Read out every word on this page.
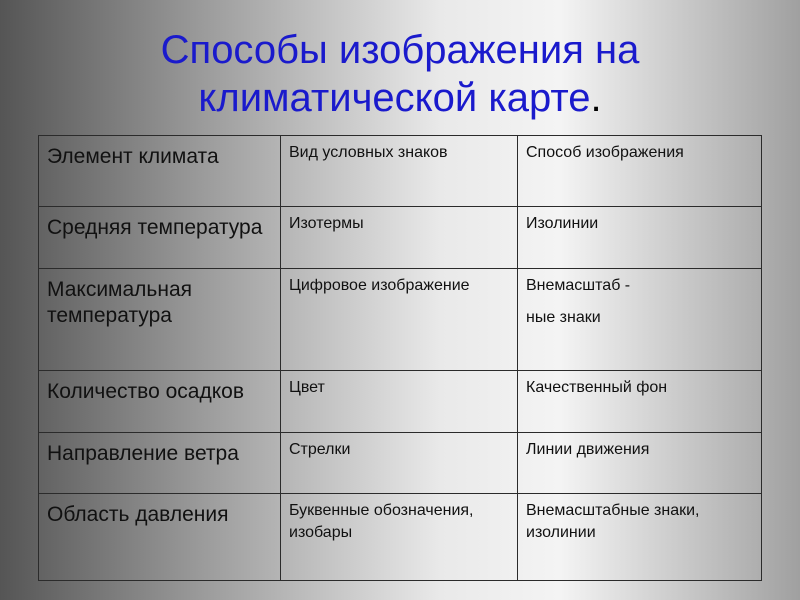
Способы изображения на
климатической карте.
Элемент климата	Вид условных знаков	Способ изображения
Средняя температура	Изотермы	Изолинии
Максимальная температура	Цифровое изображение	Внемасштаб -
ные знаки

Количество осадков	Цвет	Качественный фон
Направление ветра	Стрелки	Линии движения
Область давления	Буквенные обозначения, изобары	Внемасштабные знаки, изолинии
